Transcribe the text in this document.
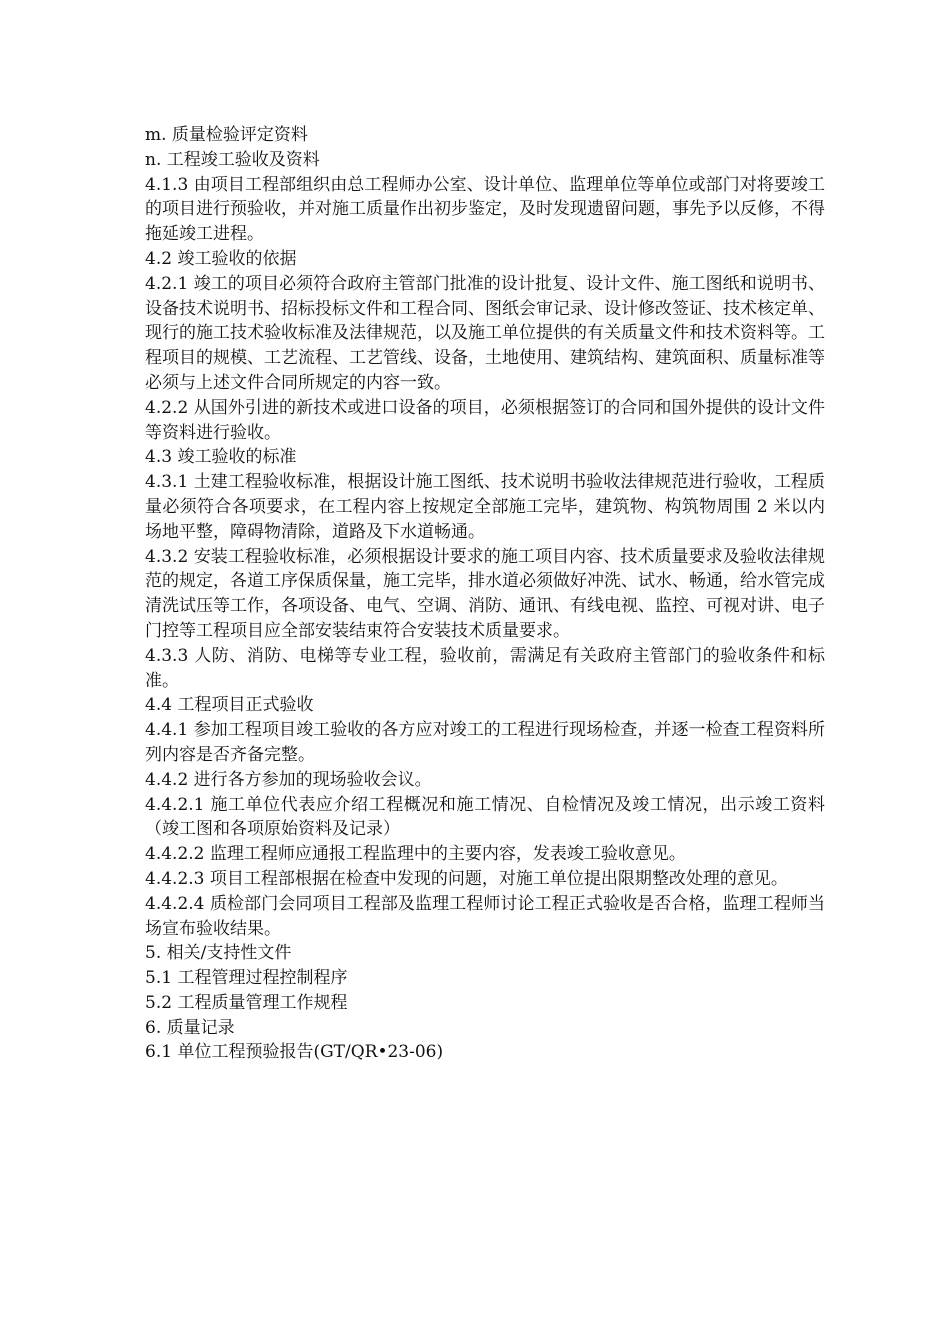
m. 质量检验评定资料

n. 工程竣工验收及资料

4.1.3 由项目工程部组织由总工程师办公室、设计单位、监理单位等单位或部门对将要竣工的项目进行预验收，并对施工质量作出初步鉴定，及时发现遗留问题，事先予以反修，不得拖延竣工进程。

4.2 竣工验收的依据

4.2.1 竣工的项目必须符合政府主管部门批准的设计批复、设计文件、施工图纸和说明书、设备技术说明书、招标投标文件和工程合同、图纸会审记录、设计修改签证、技术核定单、现行的施工技术验收标准及法律规范，以及施工单位提供的有关质量文件和技术资料等。工程项目的规模、工艺流程、工艺管线、设备，土地使用、建筑结构、建筑面积、质量标准等必须与上述文件合同所规定的内容一致。

4.2.2 从国外引进的新技术或进口设备的项目，必须根据签订的合同和国外提供的设计文件等资料进行验收。

4.3 竣工验收的标准

4.3.1 土建工程验收标准，根据设计施工图纸、技术说明书验收法律规范进行验收，工程质量必须符合各项要求，在工程内容上按规定全部施工完毕，建筑物、构筑物周围 2 米以内场地平整，障碍物清除，道路及下水道畅通。

4.3.2 安装工程验收标准，必须根据设计要求的施工项目内容、技术质量要求及验收法律规范的规定，各道工序保质保量，施工完毕，排水道必须做好冲洗、试水、畅通，给水管完成清洗试压等工作，各项设备、电气、空调、消防、通讯、有线电视、监控、可视对讲、电子门控等工程项目应全部安装结束符合安装技术质量要求。

4.3.3 人防、消防、电梯等专业工程，验收前，需满足有关政府主管部门的验收条件和标准。

4.4 工程项目正式验收

4.4.1 参加工程项目竣工验收的各方应对竣工的工程进行现场检查，并逐一检查工程资料所列内容是否齐备完整。

4.4.2 进行各方参加的现场验收会议。

4.4.2.1 施工单位代表应介绍工程概况和施工情况、自检情况及竣工情况，出示竣工资料（竣工图和各项原始资料及记录）

4.4.2.2 监理工程师应通报工程监理中的主要内容，发表竣工验收意见。

4.4.2.3 项目工程部根据在检查中发现的问题，对施工单位提出限期整改处理的意见。

4.4.2.4 质检部门会同项目工程部及监理工程师讨论工程正式验收是否合格，监理工程师当场宣布验收结果。

5. 相关/支持性文件

5.1 工程管理过程控制程序

5.2 工程质量管理工作规程

6. 质量记录

6.1 单位工程预验报告(GT/QR•23-06)
